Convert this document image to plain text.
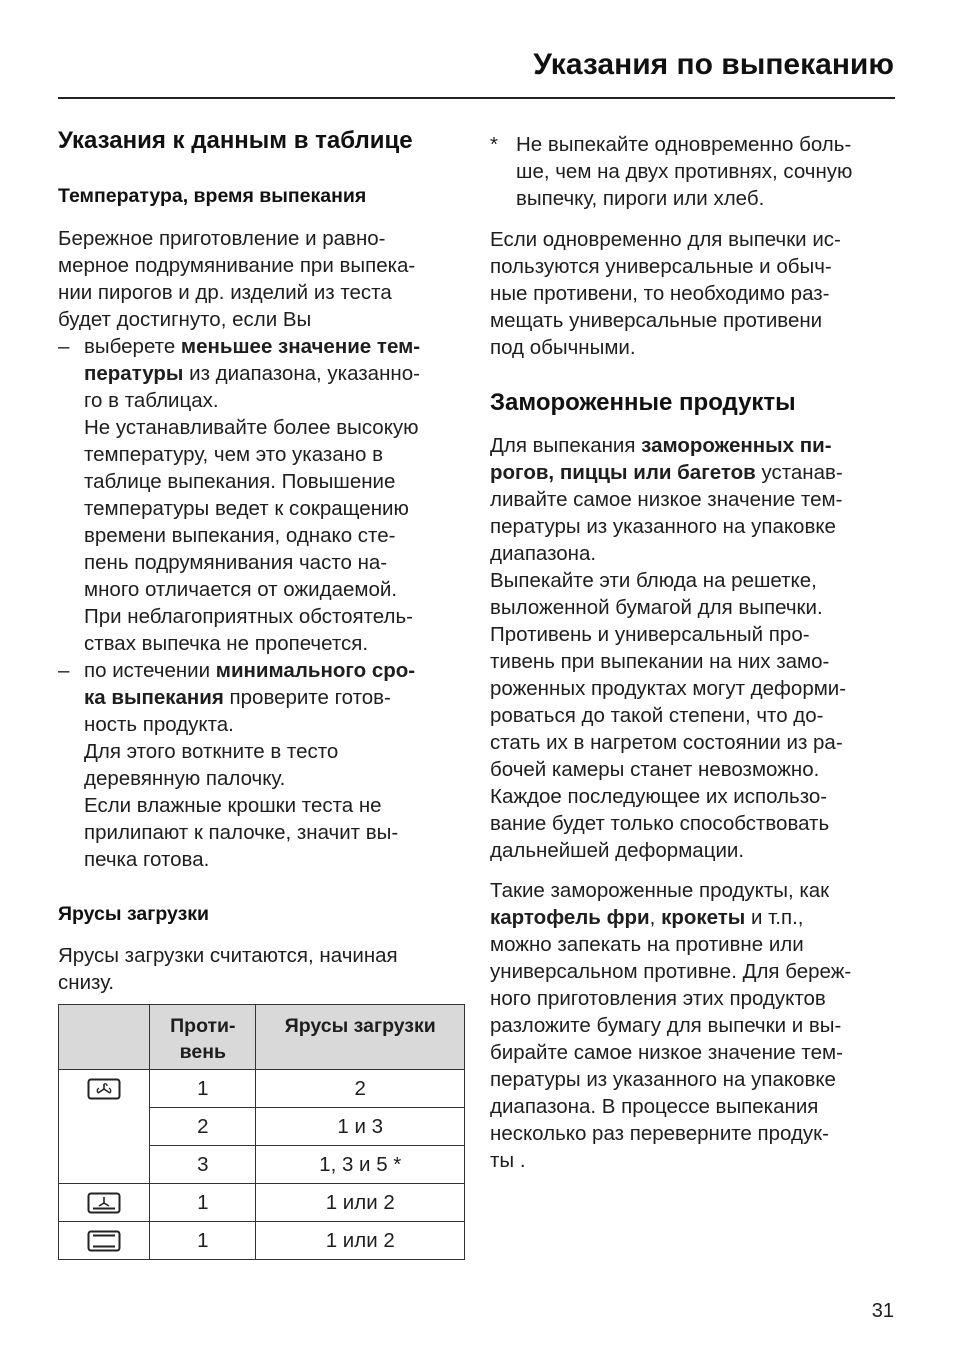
Указания по выпеканию
Указания к данным в таблице
Температура, время выпекания

Бережное приготовление и равно-

мерное подрумянивание при выпека-

нии пирогов и др. изделий из теста

будет достигнуто, если Вы

– выберете меньшее значение тем-

пературы из диапазона, указанно-

го в таблицах.

Не устанавливайте более высокую

температуру, чем это указано в

таблице выпекания. Повышение

температуры ведет к сокращению

времени выпекания, однако сте-

пень подрумянивания часто на-

много отличается от ожидаемой.

При неблагоприятных обстоятель-

ствах выпечка не пропечется.

– по истечении минимального сро-

ка выпекания проверите готов-

ность продукта.

Для этого воткните в тесто

деревянную палочку.

Если влажные крошки теста не

прилипают к палочке, значит вы-

печка готова.

Ярусы загрузки

Ярусы загрузки считаются, начиная

снизу.

	Проти-
вень	Ярусы загрузки

	1	2
	2	1 и 3
	3	1, 3 и 5 *

	1	1 или 2

	1	1 или 2
* Не выпекайте одновременно боль-

ше, чем на двух противнях, сочную

выпечку, пироги или хлеб.

Если одновременно для выпечки ис-

пользуются универсальные и обыч-

ные противени, то необходимо раз-

мещать универсальные противени

под обычными.

Замороженные продукты

Для выпекания замороженных пи-

рогов, пиццы или багетов устанав-

ливайте самое низкое значение тем-

пературы из указанного на упаковке

диапазона.

Выпекайте эти блюда на решетке,

выложенной бумагой для выпечки.

Противень и универсальный про-

тивень при выпекании на них замо-

роженных продуктах могут деформи-

роваться до такой степени, что до-

стать их в нагретом состоянии из ра-

бочей камеры станет невозможно.

Каждое последующее их использо-

вание будет только способствовать

дальнейшей деформации.

Такие замороженные продукты, как

картофель фри, крокеты и т.п.,

можно запекать на противне или

универсальном противне. Для береж-

ного приготовления этих продуктов

разложите бумагу для выпечки и вы-

бирайте самое низкое значение тем-

пературы из указанного на упаковке

диапазона. В процессе выпекания

несколько раз переверните продук-

ты .

31
